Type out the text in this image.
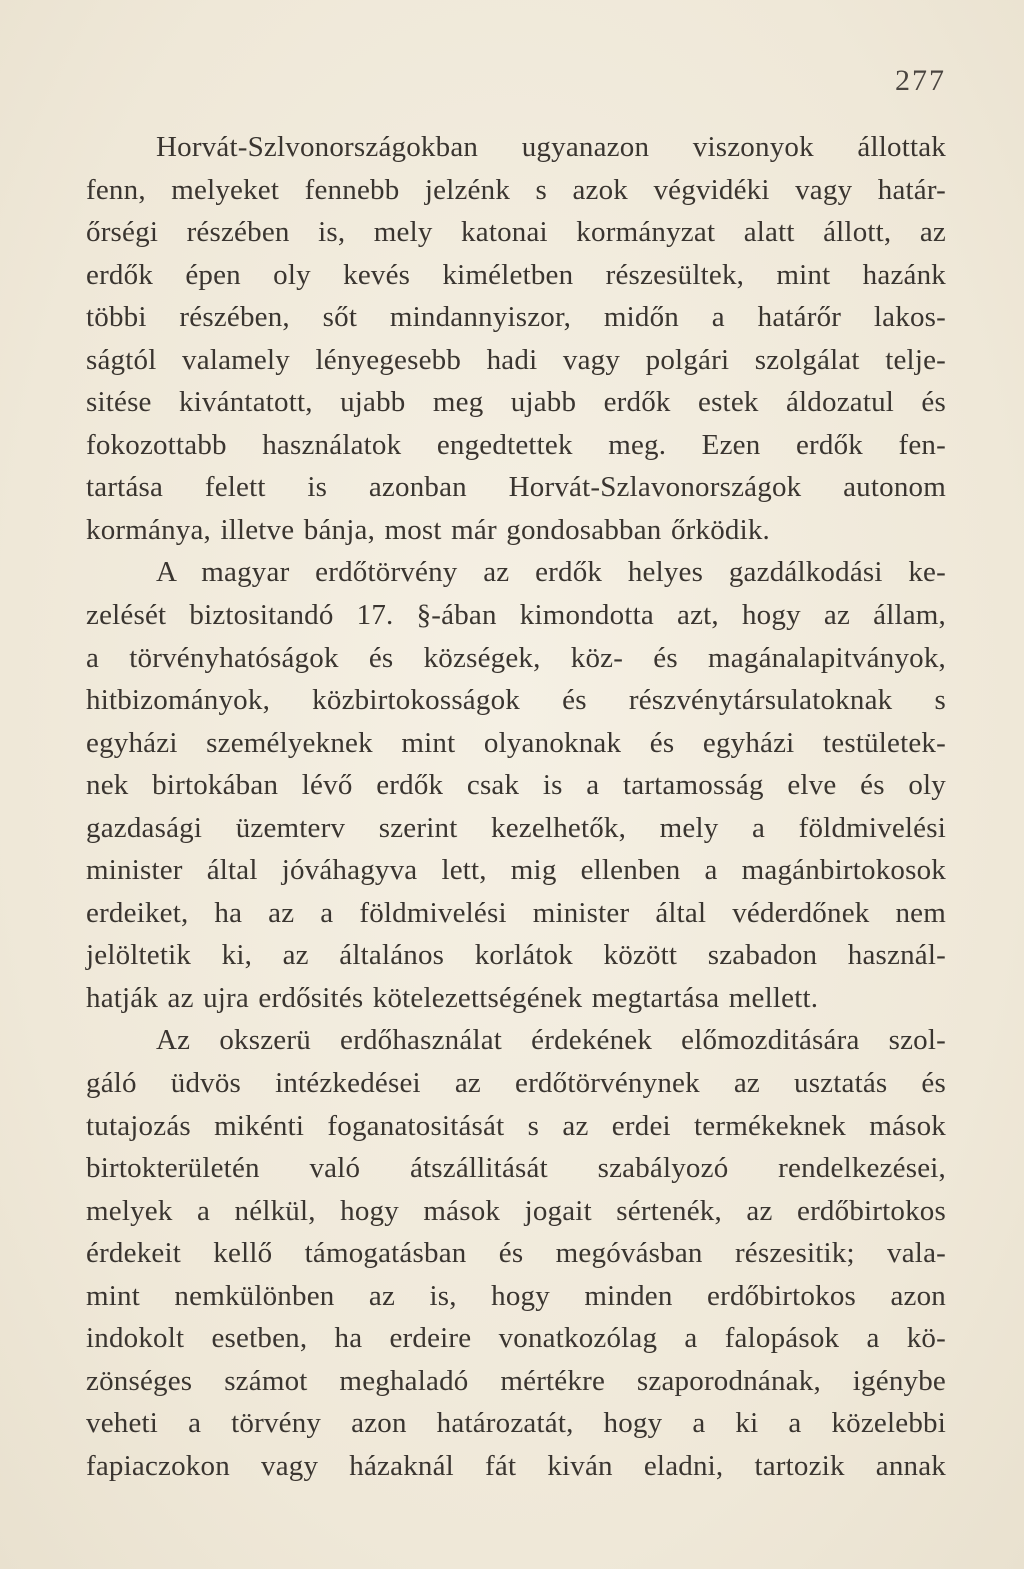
277
Horvát-Szlvonországokban ugyanazon viszonyok állottak
fenn, melyeket fennebb jelzénk s azok végvidéki vagy határ-
őrségi részében is, mely katonai kormányzat alatt állott, az
erdők épen oly kevés kiméletben részesültek, mint hazánk
többi részében, sőt mindannyiszor, midőn a határőr lakos-
ságtól valamely lényegesebb hadi vagy polgári szolgálat telje-
sitése kivántatott, ujabb meg ujabb erdők estek áldozatul és
fokozottabb használatok engedtettek meg. Ezen erdők fen-
tartása felett is azonban Horvát-Szlavonországok autonom
kormánya, illetve bánja, most már gondosabban őrködik.
A magyar erdőtörvény az erdők helyes gazdálkodási ke-
zelését biztositandó 17. §-ában kimondotta azt, hogy az állam,
a törvényhatóságok és községek, köz- és magánalapitványok,
hitbizományok, közbirtokosságok és részvénytársulatoknak s
egyházi személyeknek mint olyanoknak és egyházi testületek-
nek birtokában lévő erdők csak is a tartamosság elve és oly
gazdasági üzemterv szerint kezelhetők, mely a földmivelési
minister által jóváhagyva lett, mig ellenben a magánbirtokosok
erdeiket, ha az a földmivelési minister által véderdőnek nem
jelöltetik ki, az általános korlátok között szabadon használ-
hatják az ujra erdősités kötelezettségének megtartása mellett.
Az okszerü erdőhasználat érdekének előmozditására szol-
gáló üdvös intézkedései az erdőtörvénynek az usztatás és
tutajozás mikénti foganatositását s az erdei termékeknek mások
birtokterületén való átszállitását szabályozó rendelkezései,
melyek a nélkül, hogy mások jogait sértenék, az erdőbirtokos
érdekeit kellő támogatásban és megóvásban részesitik; vala-
mint nemkülönben az is, hogy minden erdőbirtokos azon
indokolt esetben, ha erdeire vonatkozólag a falopások a kö-
zönséges számot meghaladó mértékre szaporodnának, igénybe
veheti a törvény azon határozatát, hogy a ki a közelebbi
fapiaczokon vagy házaknál fát kiván eladni, tartozik annak
